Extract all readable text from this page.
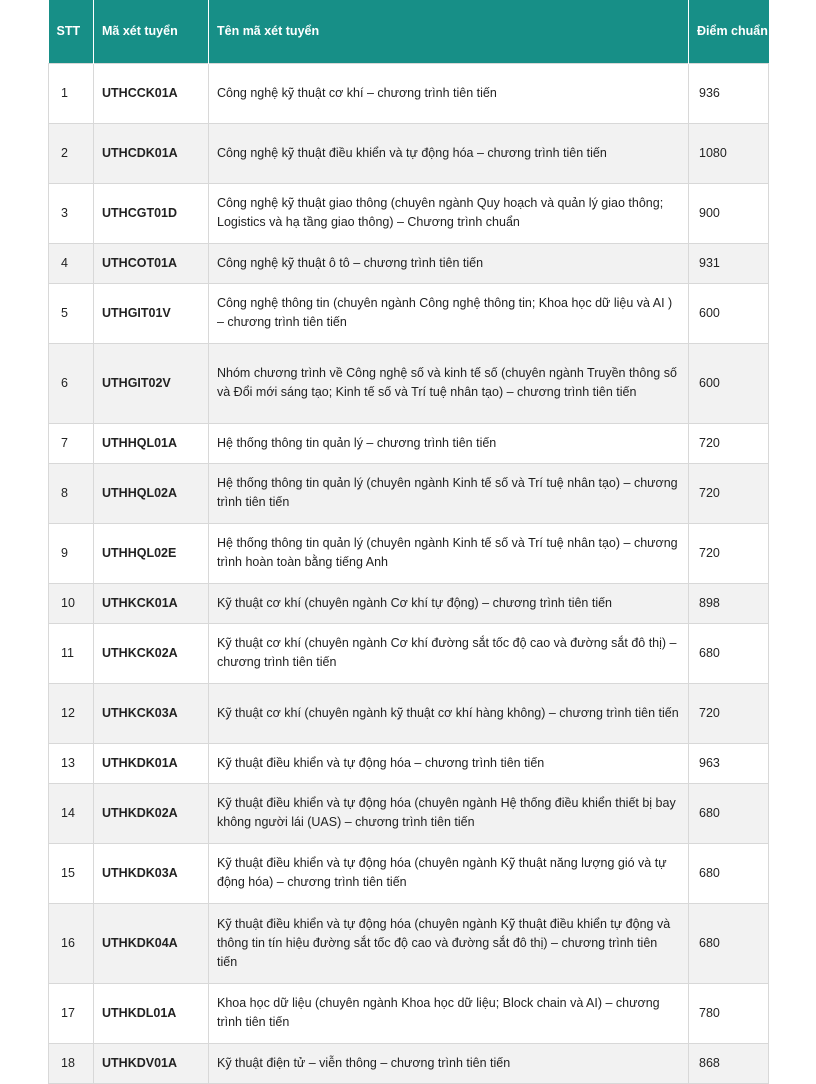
STT	Mã xét tuyển	Tên mã xét tuyển	Điểm chuẩn
1	UTHCCK01A	Công nghệ kỹ thuật cơ khí – chương trình tiên tiến	936
2	UTHCDK01A	Công nghệ kỹ thuật điều khiển và tự động hóa – chương trình tiên tiến	1080
3	UTHCGT01D	Công nghệ kỹ thuật giao thông (chuyên ngành Quy hoạch và quản lý giao thông; Logistics và hạ tầng giao thông) – Chương trình chuẩn	900
4	UTHCOT01A	Công nghệ kỹ thuật ô tô – chương trình tiên tiến	931
5	UTHGIT01V	Công nghệ thông tin (chuyên ngành Công nghệ thông tin; Khoa học dữ liệu và AI ) – chương trình tiên tiến	600
6	UTHGIT02V	Nhóm chương trình về Công nghệ số và kinh tế số (chuyên ngành Truyền thông số và Đổi mới sáng tạo; Kinh tế số và Trí tuệ nhân tạo) – chương trình tiên tiến	600
7	UTHHQL01A	Hệ thống thông tin quản lý – chương trình tiên tiến	720
8	UTHHQL02A	Hệ thống thông tin quản lý (chuyên ngành Kinh tế số và Trí tuệ nhân tạo) – chương trình tiên tiến	720
9	UTHHQL02E	Hệ thống thông tin quản lý (chuyên ngành Kinh tế số và Trí tuệ nhân tạo) – chương trình hoàn toàn bằng tiếng Anh	720
10	UTHKCK01A	Kỹ thuật cơ khí (chuyên ngành Cơ khí tự động) – chương trình tiên tiến	898
11	UTHKCK02A	Kỹ thuật cơ khí (chuyên ngành Cơ khí đường sắt tốc độ cao và đường sắt đô thị) – chương trình tiên tiến	680
12	UTHKCK03A	Kỹ thuật cơ khí (chuyên ngành kỹ thuật cơ khí hàng không) – chương trình tiên tiến	720
13	UTHKDK01A	Kỹ thuật điều khiển và tự động hóa – chương trình tiên tiến	963
14	UTHKDK02A	Kỹ thuật điều khiển và tự động hóa (chuyên ngành Hệ thống điều khiển thiết bị bay không người lái (UAS) – chương trình tiên tiến	680
15	UTHKDK03A	Kỹ thuật điều khiển và tự động hóa (chuyên ngành Kỹ thuật năng lượng gió và tự động hóa) – chương trình tiên tiến	680
16	UTHKDK04A	Kỹ thuật điều khiển và tự động hóa (chuyên ngành Kỹ thuật điều khiển tự động và thông tin tín hiệu đường sắt tốc độ cao và đường sắt đô thị) – chương trình tiên tiến	680
17	UTHKDL01A	Khoa học dữ liệu (chuyên ngành Khoa học dữ liệu; Block chain và AI) – chương trình tiên tiến	780
18	UTHKDV01A	Kỹ thuật điện tử – viễn thông – chương trình tiên tiến	868
